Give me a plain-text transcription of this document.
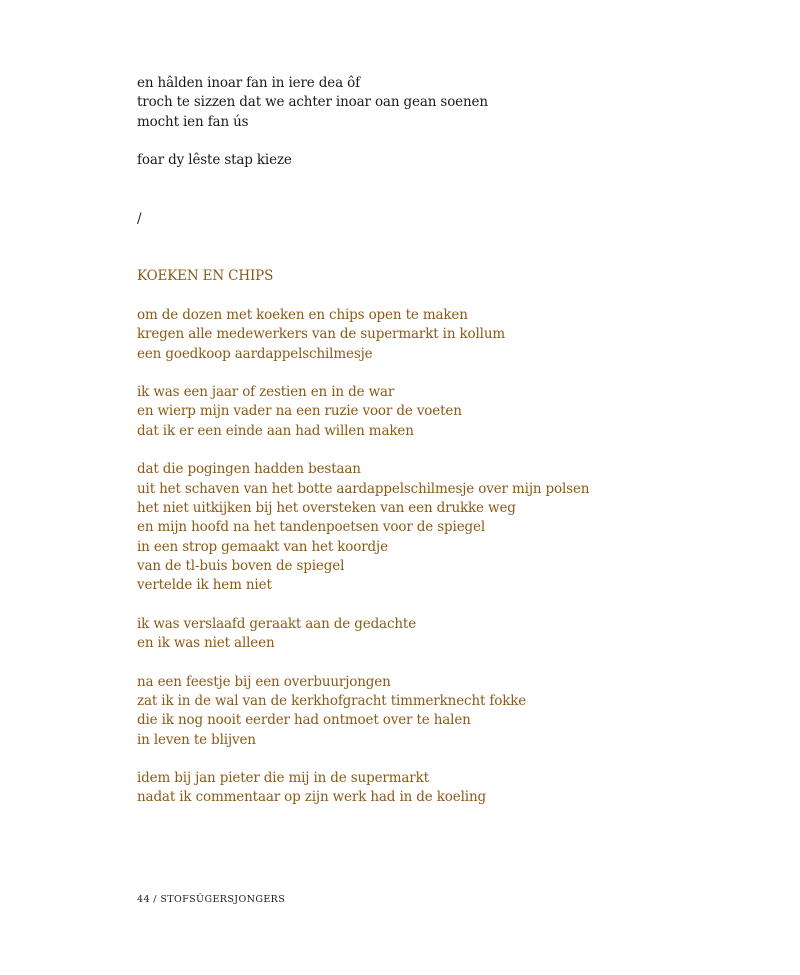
en hâlden inoar fan in iere dea ôf
troch te sizzen dat we achter inoar oan gean soenen
mocht ien fan ús
foar dy lêste stap kieze
/
KOEKEN EN CHIPS
om de dozen met koeken en chips open te maken
kregen alle medewerkers van de supermarkt in kollum
een goedkoop aardappelschilmesje
ik was een jaar of zestien en in de war
en wierp mijn vader na een ruzie voor de voeten
dat ik er een einde aan had willen maken
dat die pogingen hadden bestaan
uit het schaven van het botte aardappelschilmesje over mijn polsen
het niet uitkijken bij het oversteken van een drukke weg
en mijn hoofd na het tandenpoetsen voor de spiegel
in een strop gemaakt van het koordje
van de tl-buis boven de spiegel
vertelde ik hem niet
ik was verslaafd geraakt aan de gedachte
en ik was niet alleen
na een feestje bij een overbuurjongen
zat ik in de wal van de kerkhofgracht timmerknecht fokke
die ik nog nooit eerder had ontmoet over te halen
in leven te blijven
idem bij jan pieter die mij in de supermarkt
nadat ik commentaar op zijn werk had in de koeling
44 / STOFSÛGERSJONGERS
